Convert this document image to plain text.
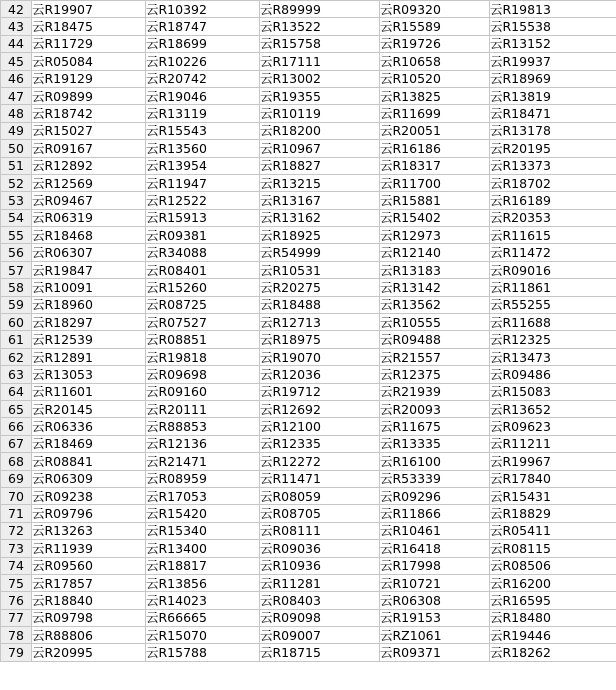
42	云R19907	云R10392	云R89999	云R09320	云R19813
43	云R18475	云R18747	云R13522	云R15589	云R15538
44	云R11729	云R18699	云R15758	云R19726	云R13152
45	云R05084	云R10226	云R17111	云R10658	云R19937
46	云R19129	云R20742	云R13002	云R10520	云R18969
47	云R09899	云R19046	云R19355	云R13825	云R13819
48	云R18742	云R13119	云R10119	云R11699	云R18471
49	云R15027	云R15543	云R18200	云R20051	云R13178
50	云R09167	云R13560	云R10967	云R16186	云R20195
51	云R12892	云R13954	云R18827	云R18317	云R13373
52	云R12569	云R11947	云R13215	云R11700	云R18702
53	云R09467	云R12522	云R13167	云R15881	云R16189
54	云R06319	云R15913	云R13162	云R15402	云R20353
55	云R18468	云R09381	云R18925	云R12973	云R11615
56	云R06307	云R34088	云R54999	云R12140	云R11472
57	云R19847	云R08401	云R10531	云R13183	云R09016
58	云R10091	云R15260	云R20275	云R13142	云R11861
59	云R18960	云R08725	云R18488	云R13562	云R55255
60	云R18297	云R07527	云R12713	云R10555	云R11688
61	云R12539	云R08851	云R18975	云R09488	云R12325
62	云R12891	云R19818	云R19070	云R21557	云R13473
63	云R13053	云R09698	云R12036	云R12375	云R09486
64	云R11601	云R09160	云R19712	云R21939	云R15083
65	云R20145	云R20111	云R12692	云R20093	云R13652
66	云R06336	云R88853	云R12100	云R11675	云R09623
67	云R18469	云R12136	云R12335	云R13335	云R11211
68	云R08841	云R21471	云R12272	云R16100	云R19967
69	云R06309	云R08959	云R11471	云R53339	云R17840
70	云R09238	云R17053	云R08059	云R09296	云R15431
71	云R09796	云R15420	云R08705	云R11866	云R18829
72	云R13263	云R15340	云R08111	云R10461	云R05411
73	云R11939	云R13400	云R09036	云R16418	云R08115
74	云R09560	云R18817	云R10936	云R17998	云R08506
75	云R17857	云R13856	云R11281	云R10721	云R16200
76	云R18840	云R14023	云R08403	云R06308	云R16595
77	云R09798	云R66665	云R09098	云R19153	云R18480
78	云R88806	云R15070	云R09007	云RZ1061	云R19446
79	云R20995	云R15788	云R18715	云R09371	云R18262
